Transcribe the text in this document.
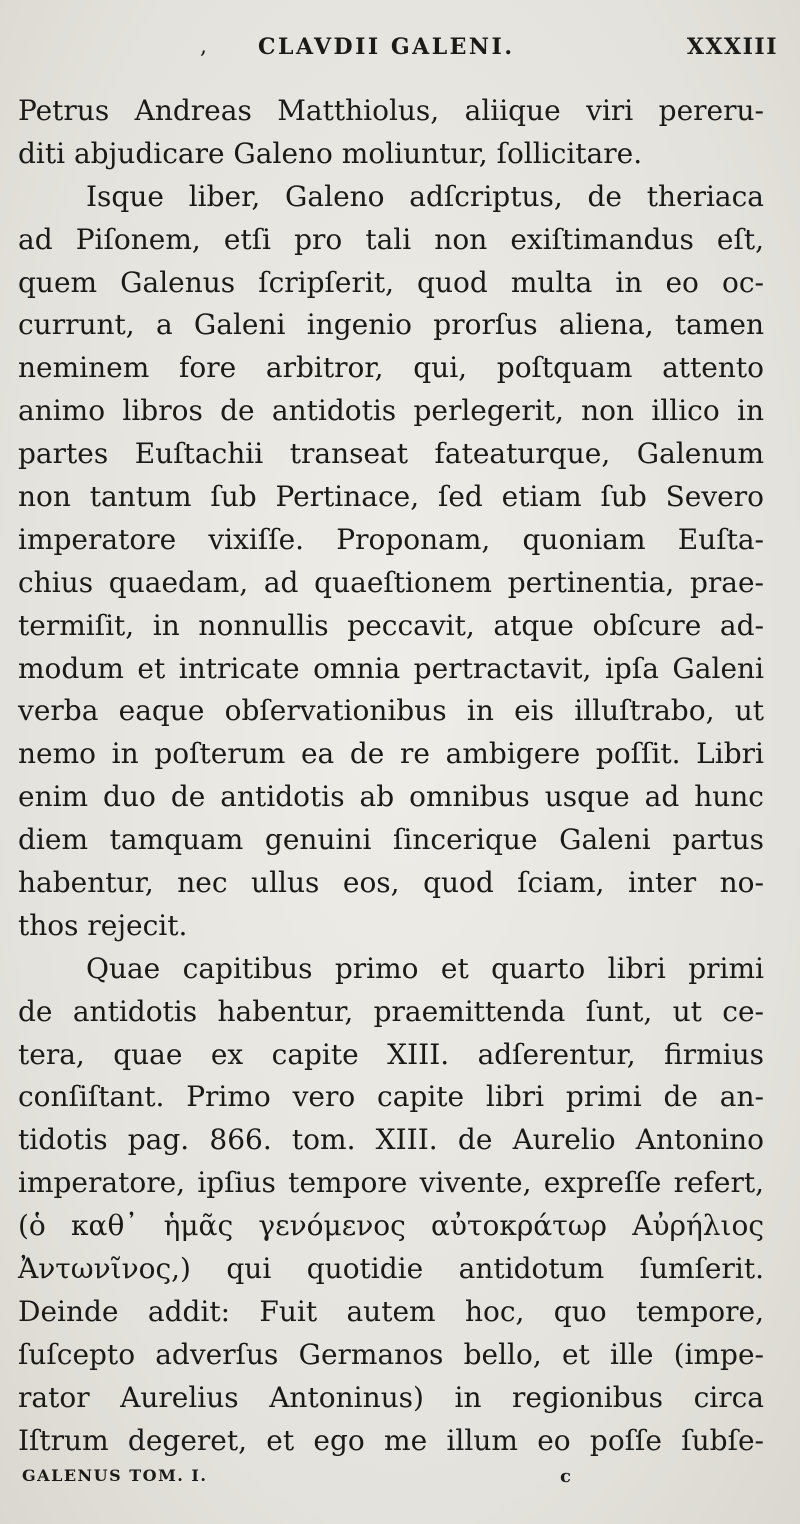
, CLAVDII GALENI.	XXXIII
Petrus Andreas Matthiolus, aliique viri pereru-
diti abjudicare Galeno moliuntur, ſollicitare.
Isque liber, Galeno adſcriptus, de theriaca
ad Piſonem, etſi pro tali non exiſtimandus eſt,
quem Galenus ſcripſerit, quod multa in eo oc-
currunt, a Galeni ingenio prorſus aliena, tamen
neminem fore arbitror, qui, poſtquam attento
animo libros de antidotis perlegerit, non illico in
partes Euſtachii transeat fateaturque, Galenum
non tantum ſub Pertinace, ſed etiam ſub Severo
imperatore vixiſſe. Proponam, quoniam Euſta-
chius quaedam, ad quaeſtionem pertinentia, prae-
termiſit, in nonnullis peccavit, atque obſcure ad-
modum et intricate omnia pertractavit, ipſa Galeni
verba eaque obſervationibus in eis illuſtrabo, ut
nemo in poſterum ea de re ambigere poſſit. Libri
enim duo de antidotis ab omnibus usque ad hunc
diem tamquam genuini ſincerique Galeni partus
habentur, nec ullus eos, quod ſciam, inter no-
thos rejecit.
Quae capitibus primo et quarto libri primi
de antidotis habentur, praemittenda ſunt, ut ce-
tera, quae ex capite XIII. adſerentur, firmius
conſiſtant. Primo vero capite libri primi de an-
tidotis pag. 866. tom. XIII. de Aurelio Antonino
imperatore, ipſius tempore vivente, expreſſe refert,
(ὁ καθ᾽ ἡμᾶς γενόμενος αὐτοκράτωρ Αὐρήλιος
Ἀντωνῖνος,) qui quotidie antidotum ſumſerit.
Deinde addit: Fuit autem hoc, quo tempore,
ſuſcepto adverſus Germanos bello, et ille (impe-
rator Aurelius Antoninus) in regionibus circa
Iſtrum degeret, et ego me illum eo poſſe ſubſe-
GALENUS TOM. I.	c
